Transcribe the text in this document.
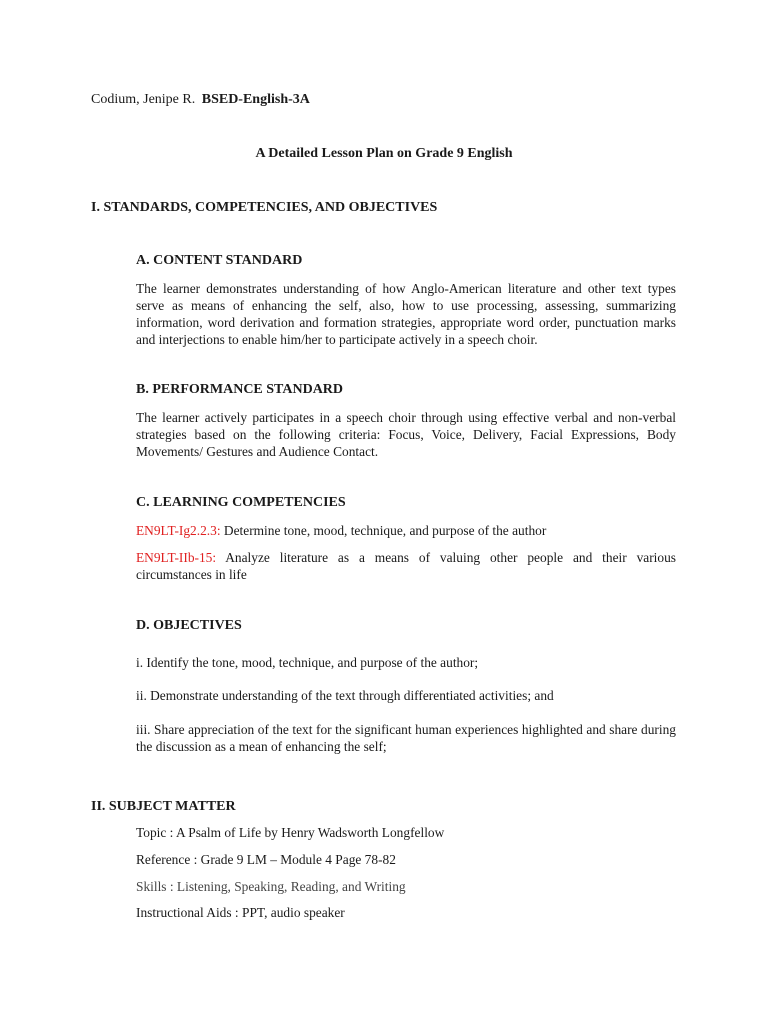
Codium, Jenipe R. BSED-English-3A
A Detailed Lesson Plan on Grade 9 English
I. STANDARDS, COMPETENCIES, AND OBJECTIVES
A. CONTENT STANDARD
The learner demonstrates understanding of how Anglo-American literature and other text types serve as means of enhancing the self, also, how to use processing, assessing, summarizing information, word derivation and formation strategies, appropriate word order, punctuation marks and interjections to enable him/her to participate actively in a speech choir.
B. PERFORMANCE STANDARD
The learner actively participates in a speech choir through using effective verbal and non-verbal strategies based on the following criteria: Focus, Voice, Delivery, Facial Expressions, Body Movements/ Gestures and Audience Contact.
C. LEARNING COMPETENCIES
EN9LT-Ig2.2.3: Determine tone, mood, technique, and purpose of the author
EN9LT-IIb-15: Analyze literature as a means of valuing other people and their various circumstances in life
D. OBJECTIVES
i. Identify the tone, mood, technique, and purpose of the author;
ii. Demonstrate understanding of the text through differentiated activities; and
iii. Share appreciation of the text for the significant human experiences highlighted and share during the discussion as a mean of enhancing the self;
II. SUBJECT MATTER
Topic : A Psalm of Life by Henry Wadsworth Longfellow
Reference : Grade 9 LM – Module 4 Page 78-82
Skills : Listening, Speaking, Reading, and Writing
Instructional Aids : PPT, audio speaker
